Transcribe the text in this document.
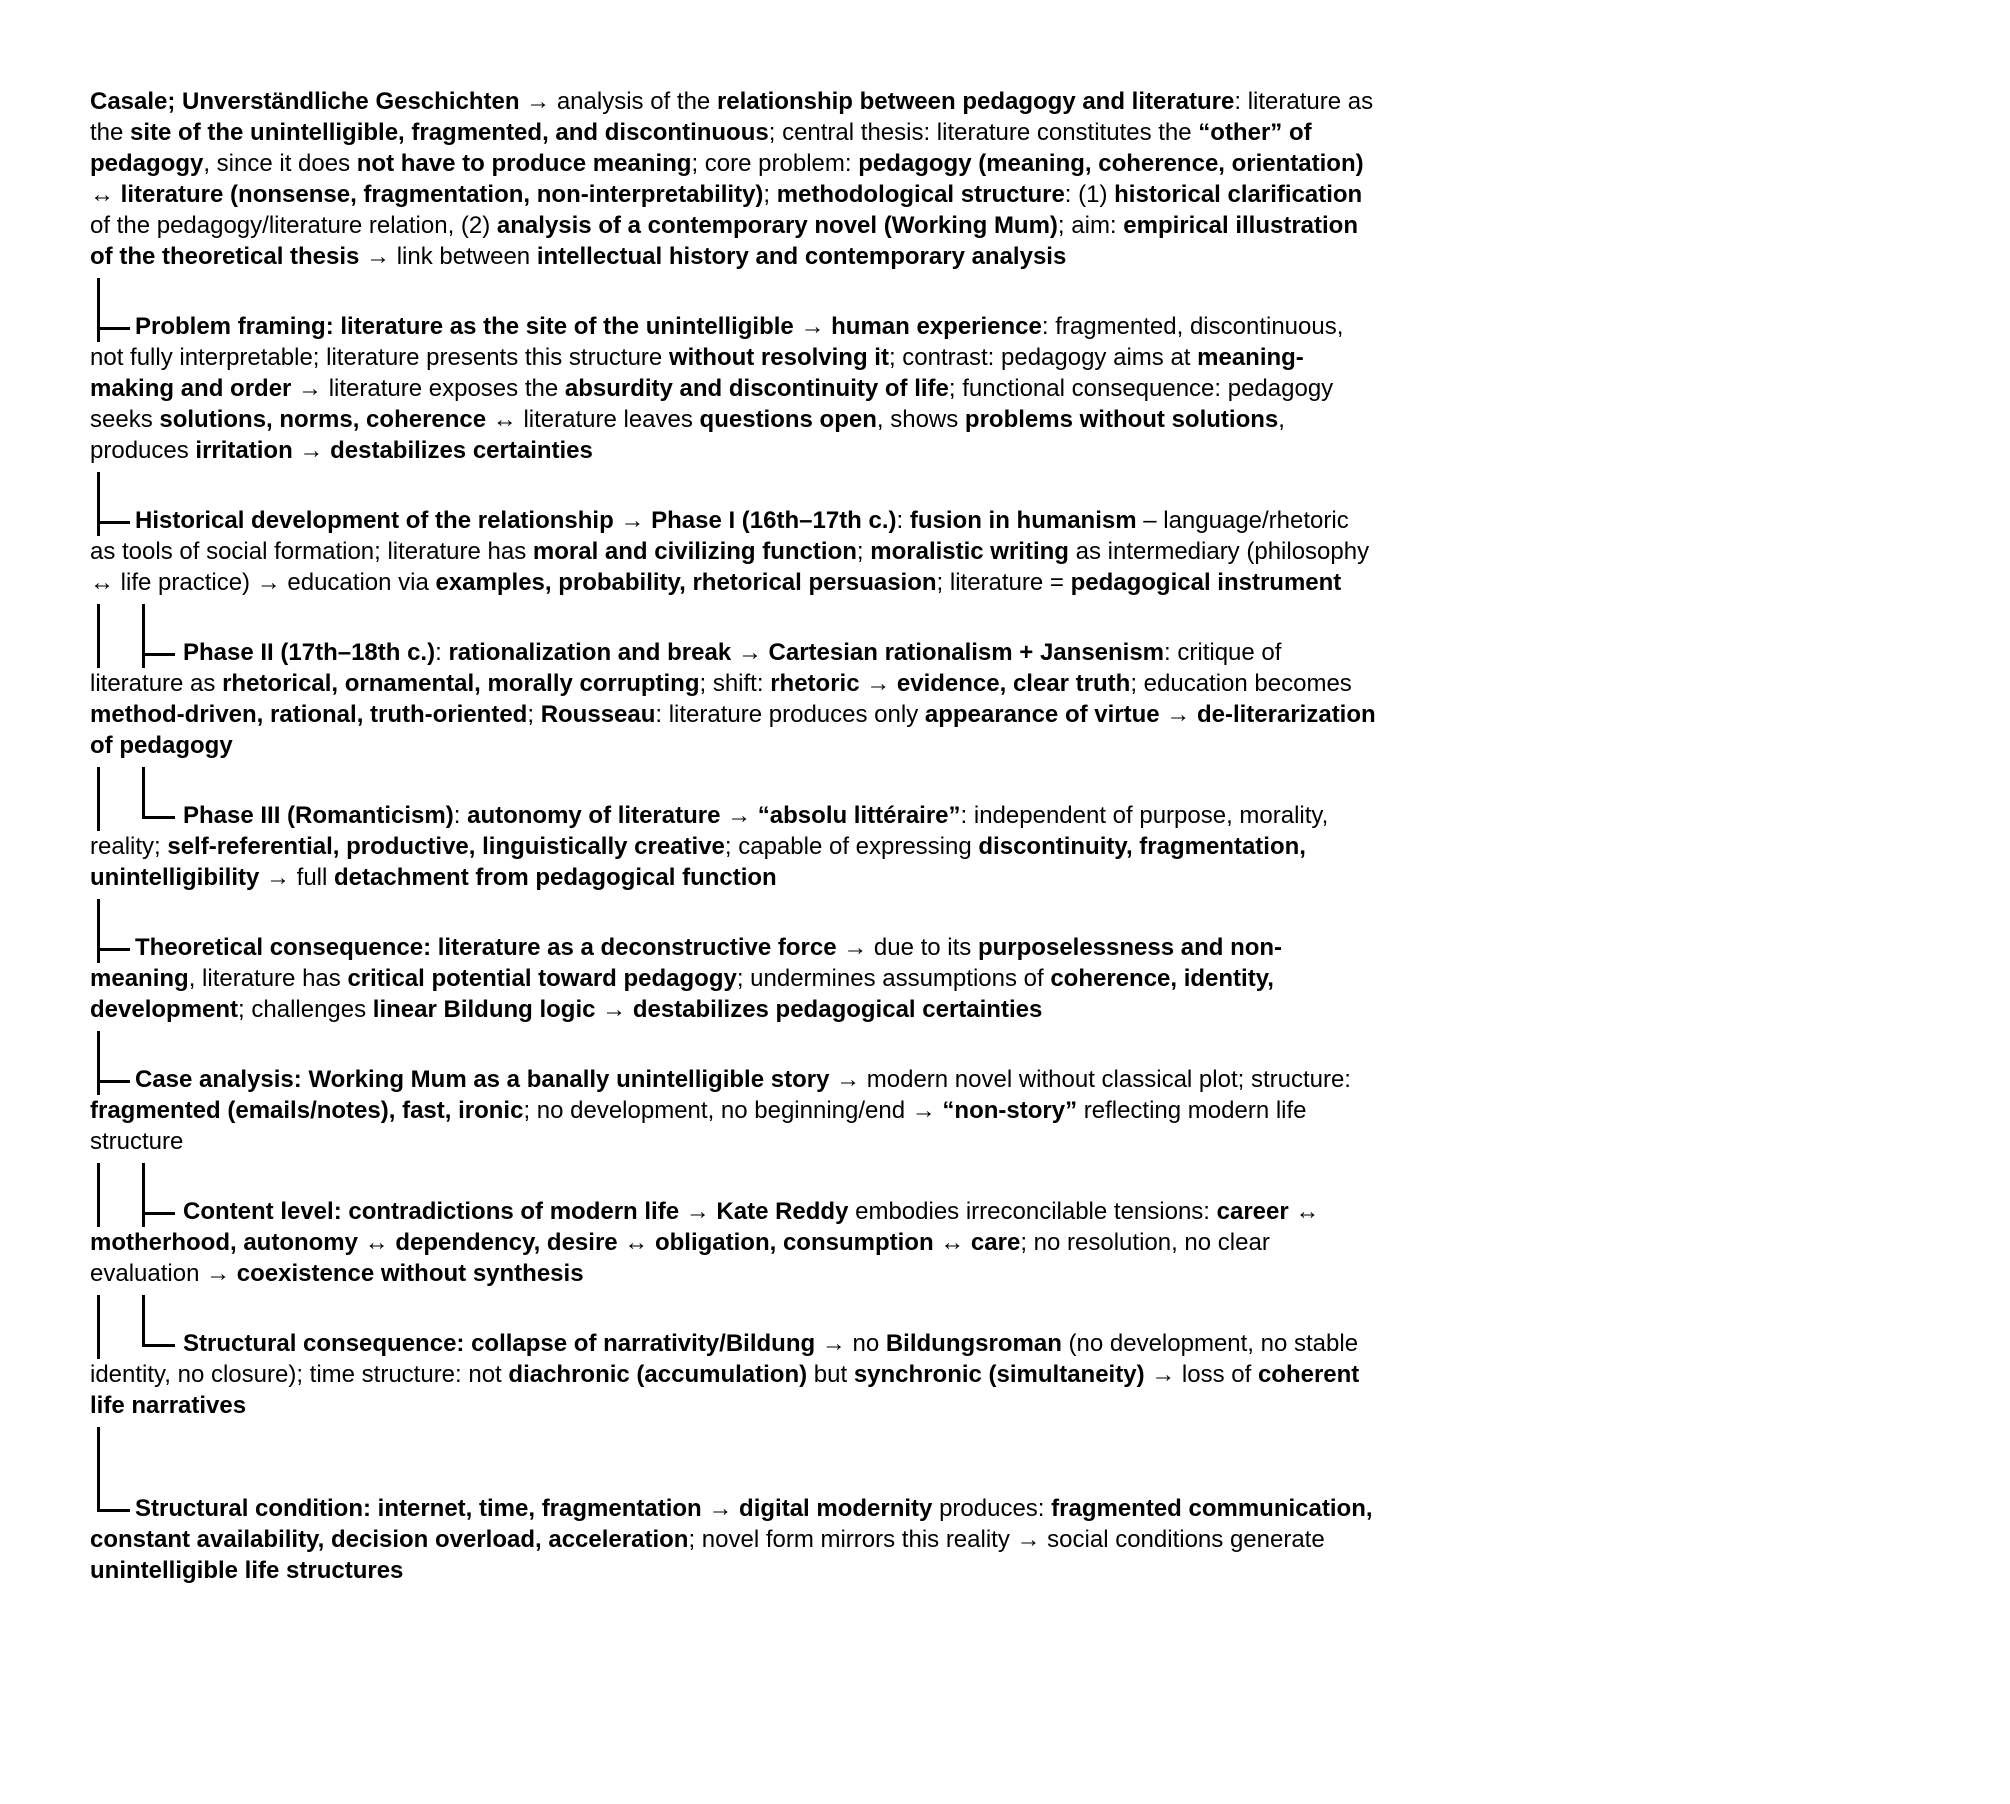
Casale; Unverständliche Geschichten → analysis of the relationship between pedagogy and literature: literature as the site of the unintelligible, fragmented, and discontinuous; central thesis: literature constitutes the “other” of pedagogy, since it does not have to produce meaning; core problem: pedagogy (meaning, coherence, orientation) ↔ literature (nonsense, fragmentation, non-interpretability); methodological structure: (1) historical clarification of the pedagogy/literature relation, (2) analysis of a contemporary novel (Working Mum); aim: empirical illustration of the theoretical thesis → link between intellectual history and contemporary analysis

Problem framing: literature as the site of the unintelligible → human experience: fragmented, discontinuous, not fully interpretable; literature presents this structure without resolving it; contrast: pedagogy aims at meaning-making and order → literature exposes the absurdity and discontinuity of life; functional consequence: pedagogy seeks solutions, norms, coherence ↔ literature leaves questions open, shows problems without solutions, produces irritation → destabilizes certainties

Historical development of the relationship → Phase I (16th–17th c.): fusion in humanism – language/rhetoric as tools of social formation; literature has moral and civilizing function; moralistic writing as intermediary (philosophy ↔ life practice) → education via examples, probability, rhetorical persuasion; literature = pedagogical instrument

Phase II (17th–18th c.): rationalization and break → Cartesian rationalism + Jansenism: critique of literature as rhetorical, ornamental, morally corrupting; shift: rhetoric → evidence, clear truth; education becomes method-driven, rational, truth-oriented; Rousseau: literature produces only appearance of virtue → de-literarization of pedagogy

Phase III (Romanticism): autonomy of literature → “absolu littéraire”: independent of purpose, morality, reality; self-referential, productive, linguistically creative; capable of expressing discontinuity, fragmentation, unintelligibility → full detachment from pedagogical function

Theoretical consequence: literature as a deconstructive force → due to its purposelessness and non-meaning, literature has critical potential toward pedagogy; undermines assumptions of coherence, identity, development; challenges linear Bildung logic → destabilizes pedagogical certainties

Case analysis: Working Mum as a banally unintelligible story → modern novel without classical plot; structure: fragmented (emails/notes), fast, ironic; no development, no beginning/end → “non-story” reflecting modern life structure

Content level: contradictions of modern life → Kate Reddy embodies irreconcilable tensions: career ↔ motherhood, autonomy ↔ dependency, desire ↔ obligation, consumption ↔ care; no resolution, no clear evaluation → coexistence without synthesis

Structural consequence: collapse of narrativity/Bildung → no Bildungsroman (no development, no stable identity, no closure); time structure: not diachronic (accumulation) but synchronic (simultaneity) → loss of coherent life narratives

Structural condition: internet, time, fragmentation → digital modernity produces: fragmented communication, constant availability, decision overload, acceleration; novel form mirrors this reality → social conditions generate unintelligible life structures
